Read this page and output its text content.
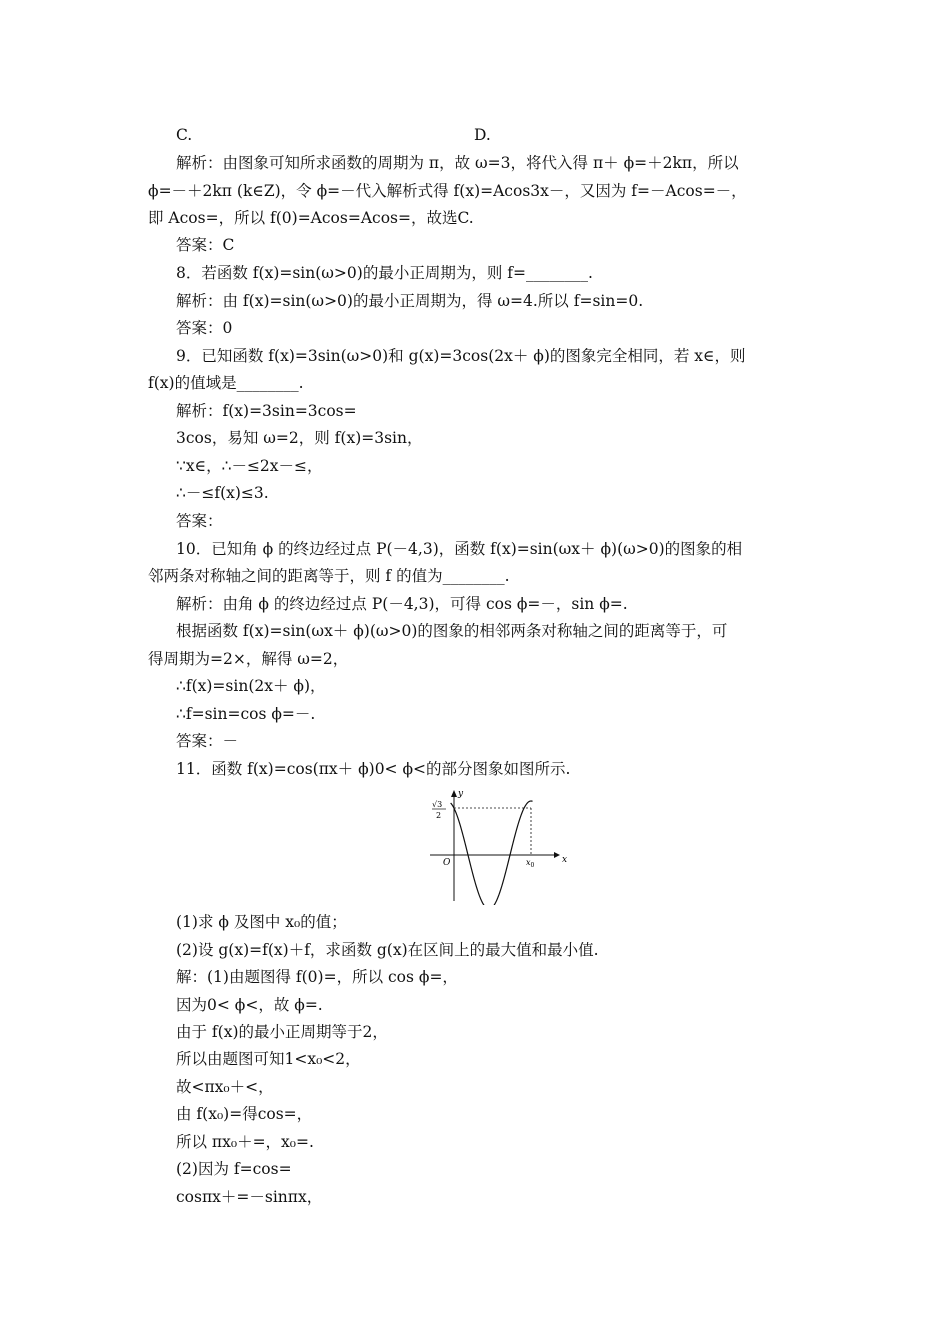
C.	D.
解析：由图象可知所求函数的周期为 π，故 ω=3，将代入得 π＋ ϕ=＋2kπ，所以
ϕ=－＋2kπ (k∈Z)，令 ϕ=－代入解析式得 f(x)=Acos3x－，又因为 f=－Acos=－，
即 Acos=，所以 f(0)=Acos=Acos=，故选C.
答案：C
8．若函数 f(x)=sin(ω>0)的最小正周期为，则 f=________.
解析：由 f(x)=sin(ω>0)的最小正周期为，得 ω=4.所以 f=sin=0.
答案：0
9．已知函数 f(x)=3sin(ω>0)和 g(x)=3cos(2x＋ ϕ)的图象完全相同，若 x∈，则
f(x)的值域是________.
解析：f(x)=3sin=3cos=
3cos，易知 ω=2，则 f(x)=3sin，
∵x∈，∴－≤2x－≤，
∴－≤f(x)≤3.
答案：
10．已知角 ϕ 的终边经过点 P(－4,3)，函数 f(x)=sin(ωx＋ ϕ)(ω>0)的图象的相
邻两条对称轴之间的距离等于，则 f 的值为________.
解析：由角 ϕ 的终边经过点 P(－4,3)，可得 cos ϕ=－，sin ϕ=.
根据函数 f(x)=sin(ωx＋ ϕ)(ω>0)的图象的相邻两条对称轴之间的距离等于，可
得周期为=2×，解得 ω=2，
∴f(x)=sin(2x＋ ϕ)，
∴f=sin=cos ϕ=－.
答案：－
11．函数 f(x)=cos(πx＋ ϕ)0< ϕ<的部分图象如图所示.
y
x
O
√3
2
$x_0$
(1)求 ϕ 及图中 x₀的值；
(2)设 g(x)=f(x)＋f，求函数 g(x)在区间上的最大值和最小值.
解：(1)由题图得 f(0)=，所以 cos ϕ=，
因为0< ϕ<，故 ϕ=.
由于 f(x)的最小正周期等于2，
所以由题图可知1<x₀<2，
故<πx₀＋<，
由 f(x₀)=得cos=，
所以 πx₀＋=，x₀=.
(2)因为 f=cos=
cosπx＋=－sinπx，
